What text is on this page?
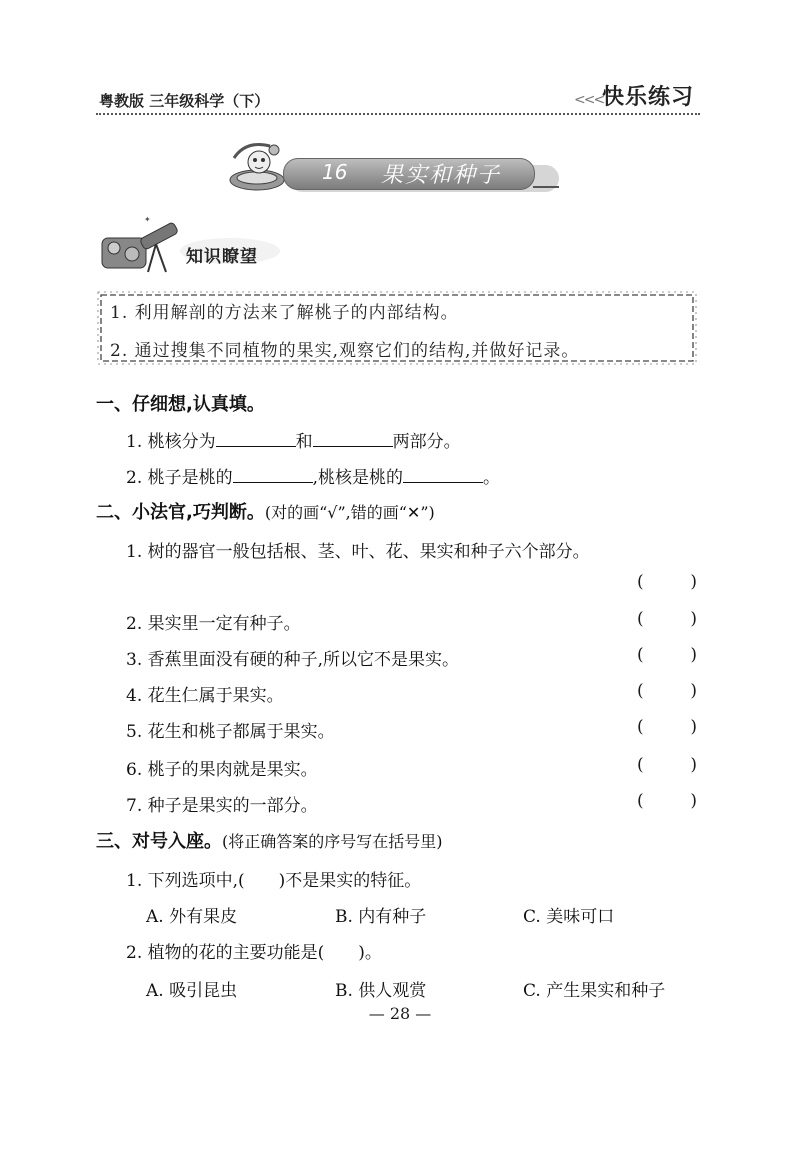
粤教版 三年级科学（下）	<<<
快乐练习
16 果实和种子
✦
知识瞭望
1. 利用解剖的方法来了解桃子的内部结构。
2. 通过搜集不同植物的果实,观察它们的结构,并做好记录。
一、仔细想,认真填。
1. 桃核分为	和	两部分。
2. 桃子是桃的	,桃核是桃的	。
二、小法官,巧判断。(对的画“√”,错的画“✕”)
1. 树的器官一般包括根、茎、叶、花、果实和种子六个部分。
(	)
2. 果实里一定有种子。	(	)
3. 香蕉里面没有硬的种子,所以它不是果实。	(	)
4. 花生仁属于果实。	(	)
5. 花生和桃子都属于果实。	(	)
6. 桃子的果肉就是果实。	(	)
7. 种子是果实的一部分。	(	)
三、对号入座。(将正确答案的序号写在括号里)
1. 下列选项中,( )不是果实的特征。
A. 外有果皮	B. 内有种子	C. 美味可口
2. 植物的花的主要功能是( )。
A. 吸引昆虫	B. 供人观赏	C. 产生果实和种子
— 28 —
